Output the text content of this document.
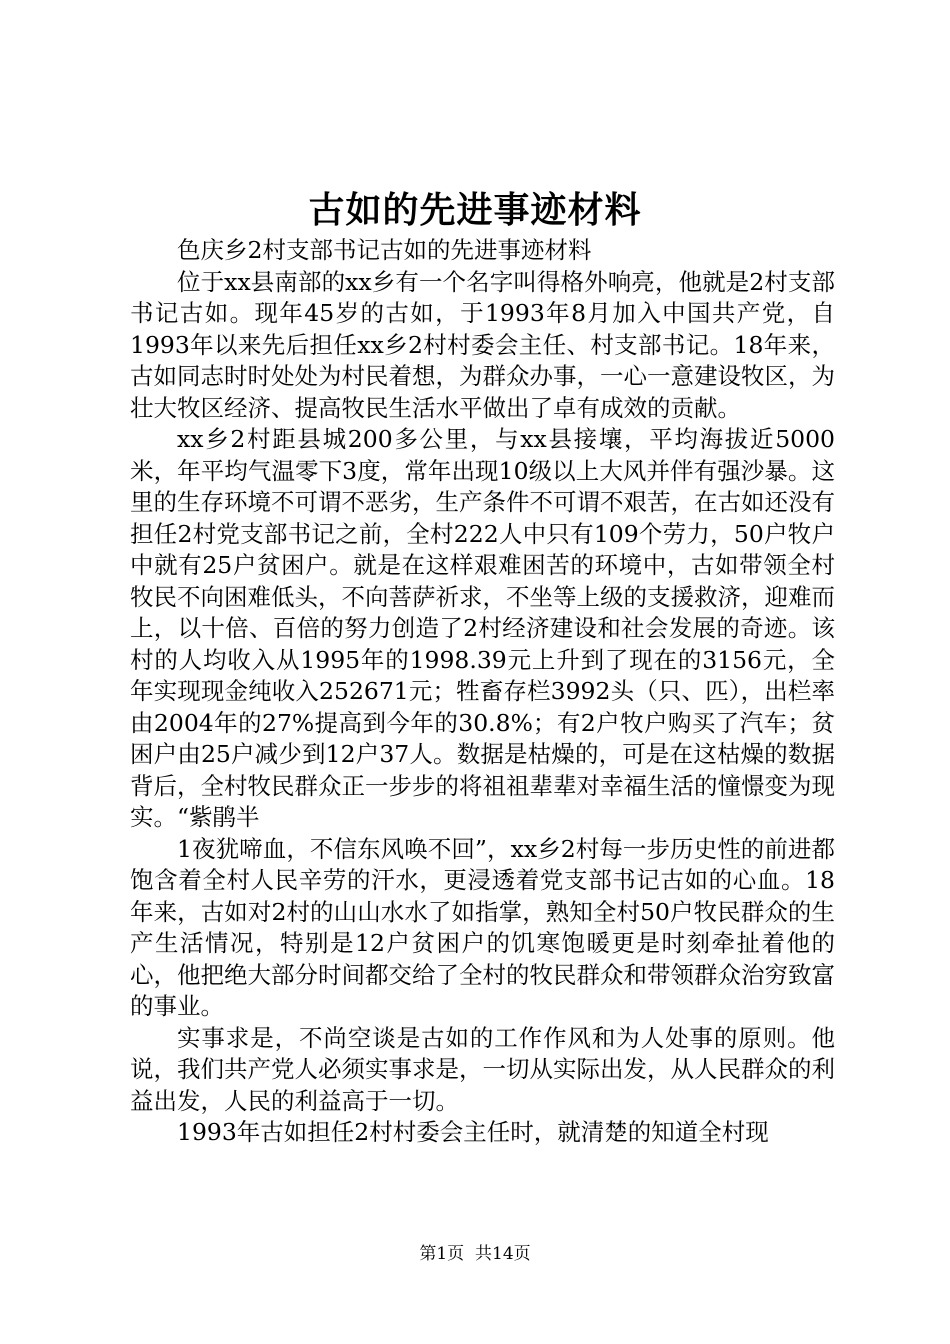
古如的先进事迹材料

色庆乡2村支部书记古如的先进事迹材料

位于xx县南部的xx乡有一个名字叫得格外响亮，他就是2村支部书记古如。现年45岁的古如，于1993年8月加入中国共产党，自1993年以来先后担任xx乡2村村委会主任、村支部书记。18年来，古如同志时时处处为村民着想，为群众办事，一心一意建设牧区，为壮大牧区经济、提高牧民生活水平做出了卓有成效的贡献。

xx乡2村距县城200多公里，与xx县接壤，平均海拔近5000米，年平均气温零下3度，常年出现10级以上大风并伴有强沙暴。这里的生存环境不可谓不恶劣，生产条件不可谓不艰苦，在古如还没有担任2村党支部书记之前，全村222人中只有109个劳力，50户牧户中就有25户贫困户。就是在这样艰难困苦的环境中，古如带领全村牧民不向困难低头，不向菩萨祈求，不坐等上级的支援救济，迎难而上，以十倍、百倍的努力创造了2村经济建设和社会发展的奇迹。该村的人均收入从1995年的1998.39元上升到了现在的3156元，全年实现现金纯收入252671元；牲畜存栏3992头（只、匹），出栏率由2004年的27%提高到今年的30.8%；有2户牧户购买了汽车；贫困户由25户减少到12户37人。数据是枯燥的，可是在这枯燥的数据背后，全村牧民群众正一步步的将祖祖辈辈对幸福生活的憧憬变为现实。“紫鹃半

1夜犹啼血，不信东风唤不回”，xx乡2村每一步历史性的前进都饱含着全村人民辛劳的汗水，更浸透着党支部书记古如的心血。18年来，古如对2村的山山水水了如指掌，熟知全村50户牧民群众的生产生活情况，特别是12户贫困户的饥寒饱暖更是时刻牵扯着他的心，他把绝大部分时间都交给了全村的牧民群众和带领群众治穷致富的事业。

实事求是，不尚空谈是古如的工作作风和为人处事的原则。他说，我们共产党人必须实事求是，一切从实际出发，从人民群众的利益出发，人民的利益高于一切。

1993年古如担任2村村委会主任时，就清楚的知道全村现

第1页 共14页
